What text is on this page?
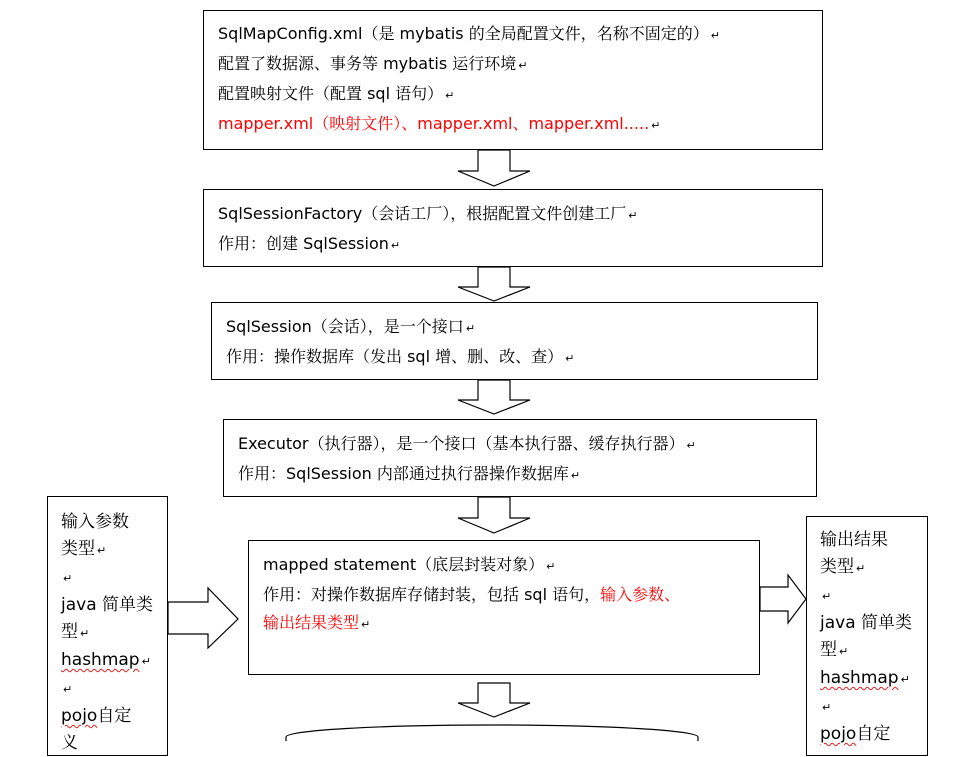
SqlMapConfig.xml（是 mybatis 的全局配置文件，名称不固定的） ↵
配置了数据源、事务等 mybatis 运行环境 ↵
配置映射文件（配置 sql 语句） ↵
mapper.xml（映射文件）、mapper.xml、mapper.xml..... ↵
SqlSessionFactory（会话工厂），根据配置文件创建工厂 ↵
作用：创建 SqlSession ↵
SqlSession（会话），是一个接口 ↵
作用：操作数据库（发出 sql 增、删、改、查） ↵
Executor（执行器），是一个接口（基本执行器、缓存执行器） ↵
作用：SqlSession 内部通过执行器操作数据库 ↵
mapped statement（底层封装对象） ↵
作用：对操作数据库存储封装，包括 sql 语句，输入参数、
输出结果类型 ↵
输入参数
类型 ↵
↵
java 简单类
型 ↵
hashmap ↵
↵
pojo自定
义
输出结果
类型 ↵
↵
java 简单类
型 ↵
hashmap ↵
↵
pojo自定
